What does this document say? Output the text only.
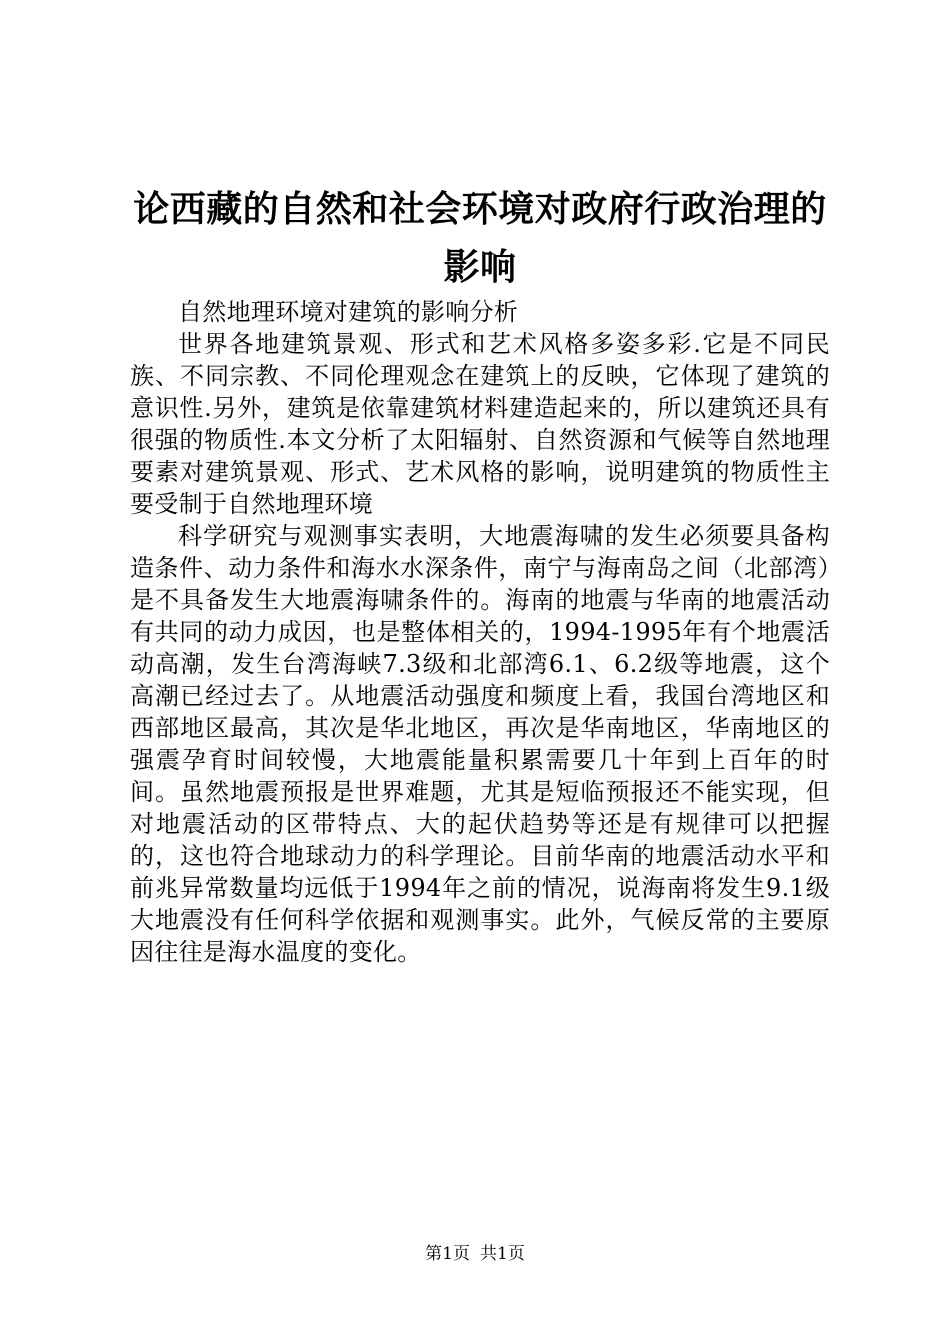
论西藏的自然和社会环境对政府行政治理的影响

自然地理环境对建筑的影响分析

世界各地建筑景观、形式和艺术风格多姿多彩.它是不同民族、不同宗教、不同伦理观念在建筑上的反映，它体现了建筑的意识性.另外，建筑是依靠建筑材料建造起来的，所以建筑还具有很强的物质性.本文分析了太阳辐射、自然资源和气候等自然地理要素对建筑景观、形式、艺术风格的影响，说明建筑的物质性主要受制于自然地理环境

科学研究与观测事实表明，大地震海啸的发生必须要具备构造条件、动力条件和海水水深条件，南宁与海南岛之间（北部湾）是不具备发生大地震海啸条件的。海南的地震与华南的地震活动有共同的动力成因，也是整体相关的，1994-1995年有个地震活动高潮，发生台湾海峡7.3级和北部湾6.1、6.2级等地震，这个高潮已经过去了。从地震活动强度和频度上看，我国台湾地区和西部地区最高，其次是华北地区，再次是华南地区，华南地区的强震孕育时间较慢，大地震能量积累需要几十年到上百年的时间。虽然地震预报是世界难题，尤其是短临预报还不能实现，但对地震活动的区带特点、大的起伏趋势等还是有规律可以把握的，这也符合地球动力的科学理论。目前华南的地震活动水平和前兆异常数量均远低于1994年之前的情况，说海南将发生9.1级大地震没有任何科学依据和观测事实。此外，气候反常的主要原因往往是海水温度的变化。

第1页 共1页
